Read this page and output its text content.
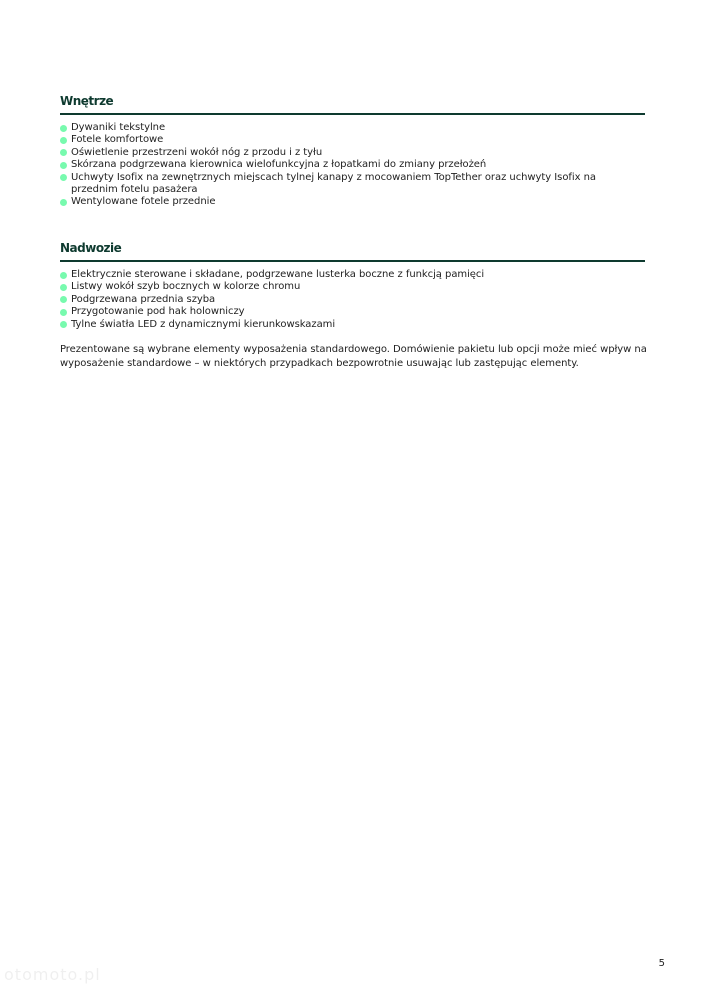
Wnętrze
Dywaniki tekstylne
Fotele komfortowe
Oświetlenie przestrzeni wokół nóg z przodu i z tyłu
Skórzana podgrzewana kierownica wielofunkcyjna z łopatkami do zmiany przełożeń
Uchwyty Isofix na zewnętrznych miejscach tylnej kanapy z mocowaniem TopTether oraz uchwyty Isofix na przednim fotelu pasażera
Wentylowane fotele przednie
Nadwozie
Elektrycznie sterowane i składane, podgrzewane lusterka boczne z funkcją pamięci
Listwy wokół szyb bocznych w kolorze chromu
Podgrzewana przednia szyba
Przygotowanie pod hak holowniczy
Tylne światła LED z dynamicznymi kierunkowskazami

Prezentowane są wybrane elementy wyposażenia standardowego. Domówienie pakietu lub opcji może mieć wpływ na wyposażenie standardowe – w niektórych przypadkach bezpowrotnie usuwając lub zastępując elementy.

5
otomoto.pl
